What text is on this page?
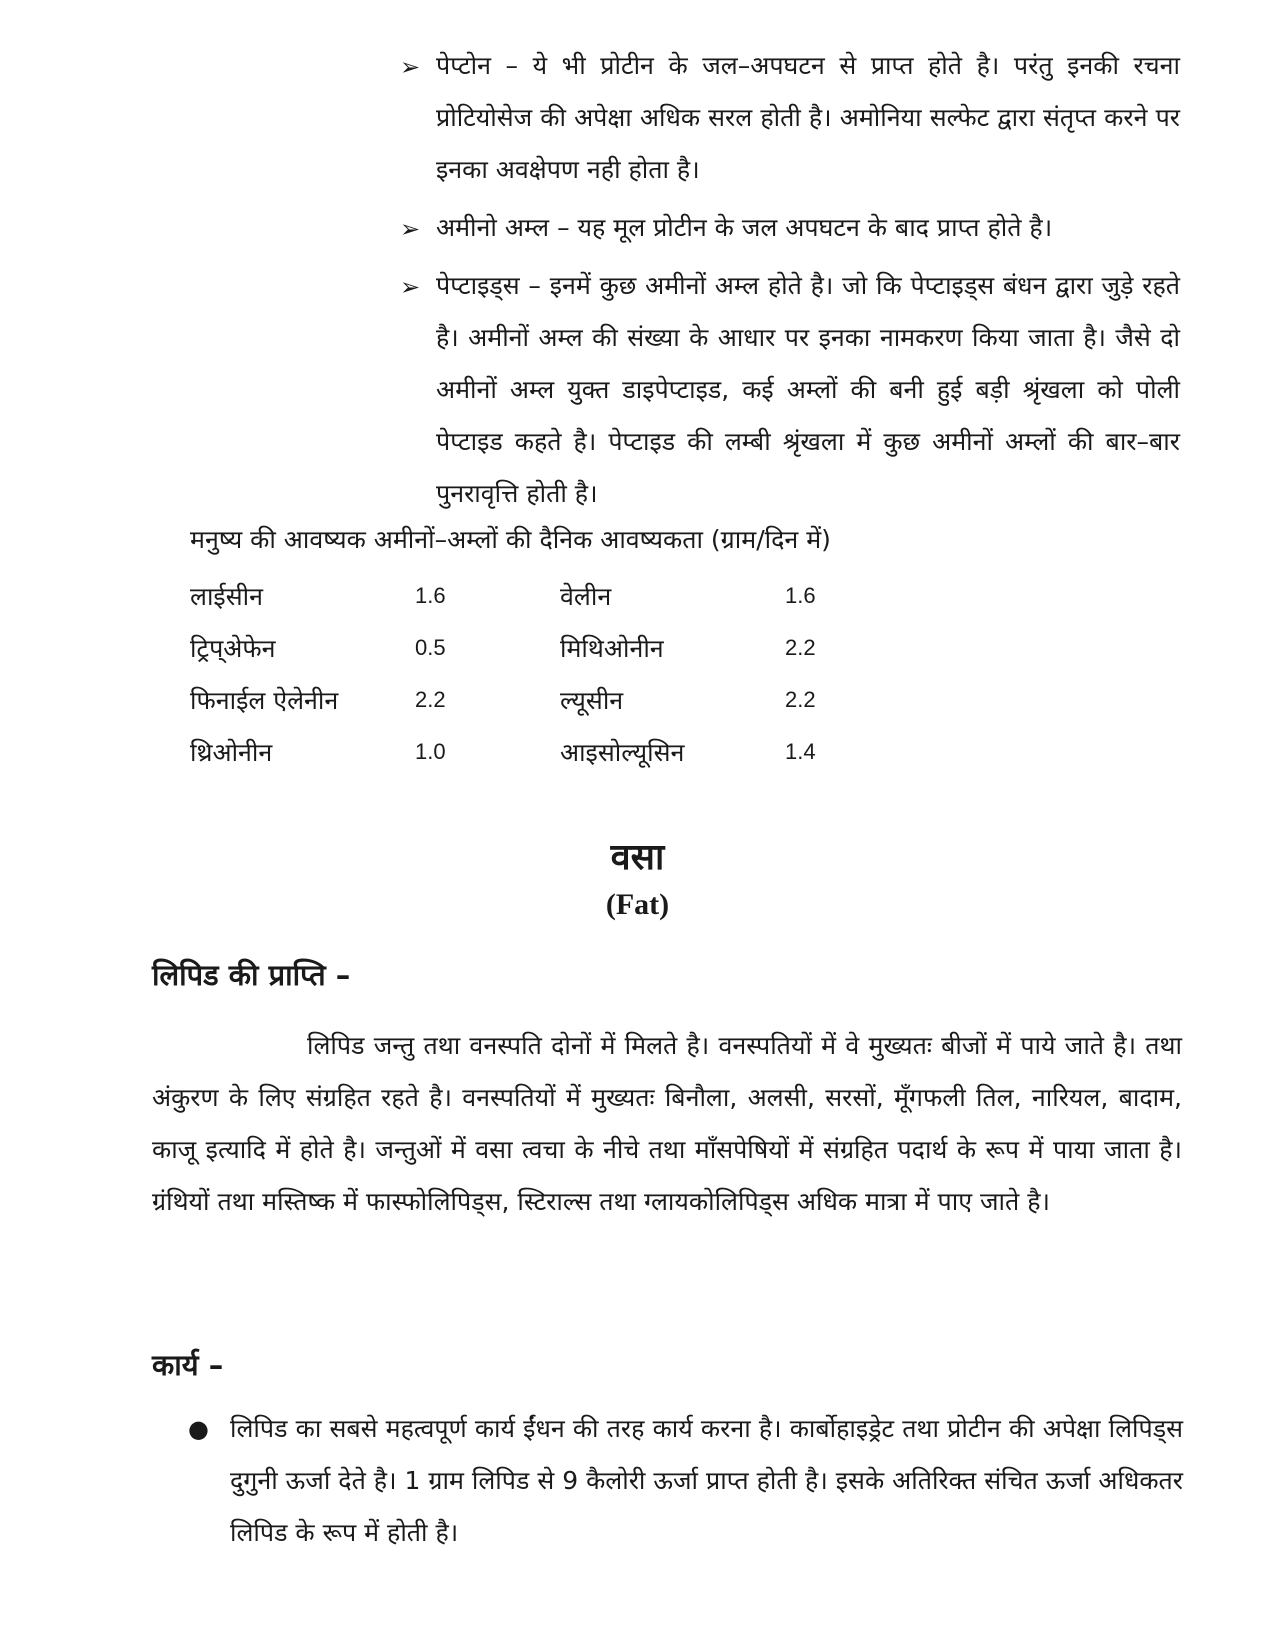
➢ पेप्टोन – ये भी प्रोटीन के जल–अपघटन से प्राप्त होते है। परंतु इनकी रचना प्रोटियोसेज की अपेक्षा अधिक सरल होती है। अमोनिया सल्फेट द्वारा संतृप्त करने पर इनका अवक्षेपण नही होता है।
➢ अमीनो अम्ल – यह मूल प्रोटीन के जल अपघटन के बाद प्राप्त होते है।
➢ पेप्टाइड्स – इनमें कुछ अमीनों अम्ल होते है। जो कि पेप्टाइड्स बंधन द्वारा जुड़े रहते है। अमीनों अम्ल की संख्या के आधार पर इनका नामकरण किया जाता है। जैसे दो अमीनों अम्ल युक्त डाइपेप्टाइड, कई अम्लों की बनी हुई बड़ी श्रृंखला को पोली पेप्टाइड कहते है। पेप्टाइड की लम्बी श्रृंखला में कुछ अमीनों अम्लों की बार–बार पुनरावृत्ति होती है।
मनुष्य की आवष्यक अमीनों–अम्लों की दैनिक आवष्यकता (ग्राम/दिन में)
लाईसीन	1.6	वेलीन	1.6
ट्रिप्अेफेन	0.5	मिथिओनीन	2.2
फिनाईल ऐलेनीन	2.2	ल्यूसीन	2.2
थ्रिओनीन	1.0	आइसोल्यूसिन	1.4
वसा
(Fat)
लिपिड की प्राप्ति –
लिपिड जन्तु तथा वनस्पति दोनों में मिलते है। वनस्पतियों में वे मुख्यतः बीजों में पाये जाते है। तथा अंकुरण के लिए संग्रहित रहते है। वनस्पतियों में मुख्यतः बिनौला, अलसी, सरसों, मूँगफली तिल, नारियल, बादाम, काजू इत्यादि में होते है। जन्तुओं में वसा त्वचा के नीचे तथा माँसपेषियों में संग्रहित पदार्थ के रूप में पाया जाता है। ग्रंथियों तथा मस्तिष्क में फास्फोलिपिड्स, स्टिराल्स तथा ग्लायकोलिपिड्स अधिक मात्रा में पाए जाते है।
कार्य –
● लिपिड का सबसे महत्वपूर्ण कार्य ईंधन की तरह कार्य करना है। कार्बोहाइड्रेट तथा प्रोटीन की अपेक्षा लिपिड्स दुगुनी ऊर्जा देते है। 1 ग्राम लिपिड से 9 कैलोरी ऊर्जा प्राप्त होती है। इसके अतिरिक्त संचित ऊर्जा अधिकतर लिपिड के रूप में होती है।
